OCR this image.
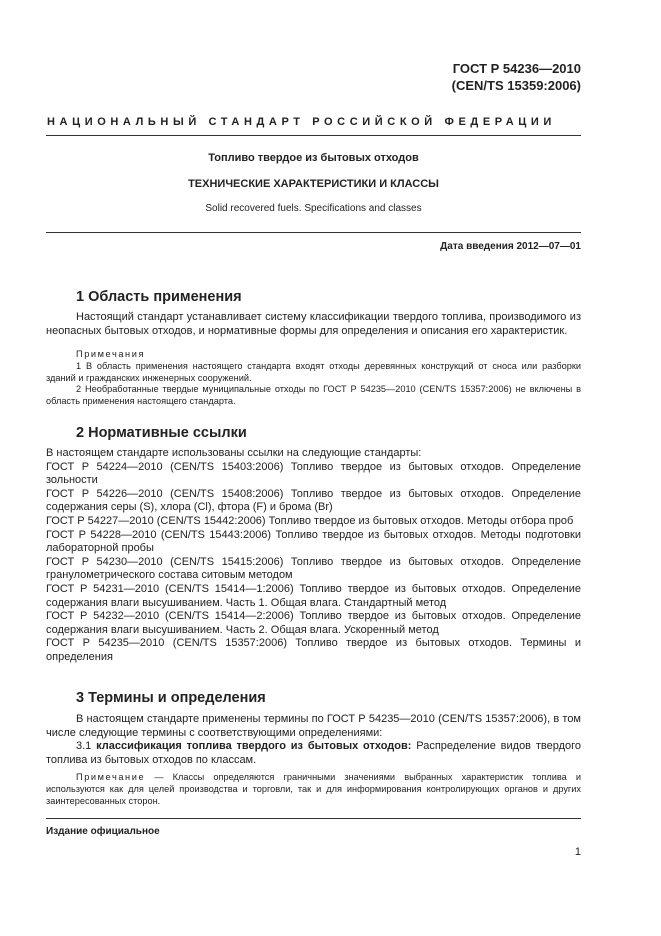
ГОСТ Р 54236—2010
(CEN/TS 15359:2006)
НАЦИОНАЛЬНЫЙ СТАНДАРТ РОССИЙСКОЙ ФЕДЕРАЦИИ
Топливо твердое из бытовых отходов
ТЕХНИЧЕСКИЕ ХАРАКТЕРИСТИКИ И КЛАССЫ
Solid recovered fuels. Specifications and classes
Дата введения 2012—07—01
1 Область применения
Настоящий стандарт устанавливает систему классификации твердого топлива, производимого из неопасных бытовых отходов, и нормативные формы для определения и описания его характеристик.
Примечания
1 В область применения настоящего стандарта входят отходы деревянных конструкций от сноса или разборки зданий и гражданских инженерных сооружений.
2 Необработанные твердые муниципальные отходы по ГОСТ Р 54235—2010 (CEN/TS 15357:2006) не включены в область применения настоящего стандарта.
2 Нормативные ссылки
В настоящем стандарте использованы ссылки на следующие стандарты:
ГОСТ Р 54224—2010 (CEN/TS 15403:2006) Топливо твердое из бытовых отходов. Определение зольности
ГОСТ Р 54226—2010 (CEN/TS 15408:2006) Топливо твердое из бытовых отходов. Определение содержания серы (S), хлора (Cl), фтора (F) и брома (Br)
ГОСТ Р 54227—2010 (CEN/TS 15442:2006) Топливо твердое из бытовых отходов. Методы отбора проб
ГОСТ Р 54228—2010 (CEN/TS 15443:2006) Топливо твердое из бытовых отходов. Методы подготовки лабораторной пробы
ГОСТ Р 54230—2010 (CEN/TS 15415:2006) Топливо твердое из бытовых отходов. Определение гранулометрического состава ситовым методом
ГОСТ Р 54231—2010 (CEN/TS 15414—1:2006) Топливо твердое из бытовых отходов. Определение содержания влаги высушиванием. Часть 1. Общая влага. Стандартный метод
ГОСТ Р 54232—2010 (CEN/TS 15414—2:2006) Топливо твердое из бытовых отходов. Определение содержания влаги высушиванием. Часть 2. Общая влага. Ускоренный метод
ГОСТ Р 54235—2010 (CEN/TS 15357:2006) Топливо твердое из бытовых отходов. Термины и определения
3 Термины и определения
В настоящем стандарте применены термины по ГОСТ Р 54235—2010 (CEN/TS 15357:2006), в том числе следующие термины с соответствующими определениями:
3.1 классификация топлива твердого из бытовых отходов: Распределение видов твердого топлива из бытовых отходов по классам.
Примечание — Классы определяются граничными значениями выбранных характеристик топлива и используются как для целей производства и торговли, так и для информирования контролирующих органов и других заинтересованных сторон.
Издание официальное
1
